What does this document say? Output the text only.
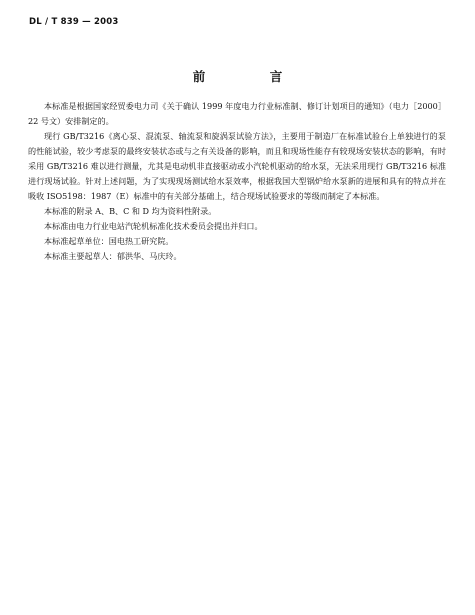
DL / T 839 — 2003
前　言

本标准是根据国家经贸委电力司《关于确认 1999 年度电力行业标准制、修订计划项目的通知》（电力［2000］22 号文）安排制定的。

现行 GB/T3216《离心泵、混流泵、轴流泵和旋涡泵试验方法》，主要用于制造厂在标准试验台上单独进行的泵的性能试验，较少考虑泵的最终安装状态或与之有关设备的影响，而且和现场性能存有较现场安装状态的影响，有时采用 GB/T3216 难以进行测量，尤其是电动机非直接驱动或小汽轮机驱动的给水泵，无法采用现行 GB/T3216 标准进行现场试验。针对上述问题，为了实现现场测试给水泵效率，根据我国大型锅炉给水泵新的进展和具有的特点并在吸收 ISO5198：1987（E）标准中的有关部分基础上，结合现场试验要求的等级而制定了本标准。

本标准的附录 A、B、C 和 D 均为资料性附录。

本标准由电力行业电站汽轮机标准化技术委员会提出并归口。

本标准起草单位：国电热工研究院。

本标准主要起草人：郁洪华、马庆玲。
